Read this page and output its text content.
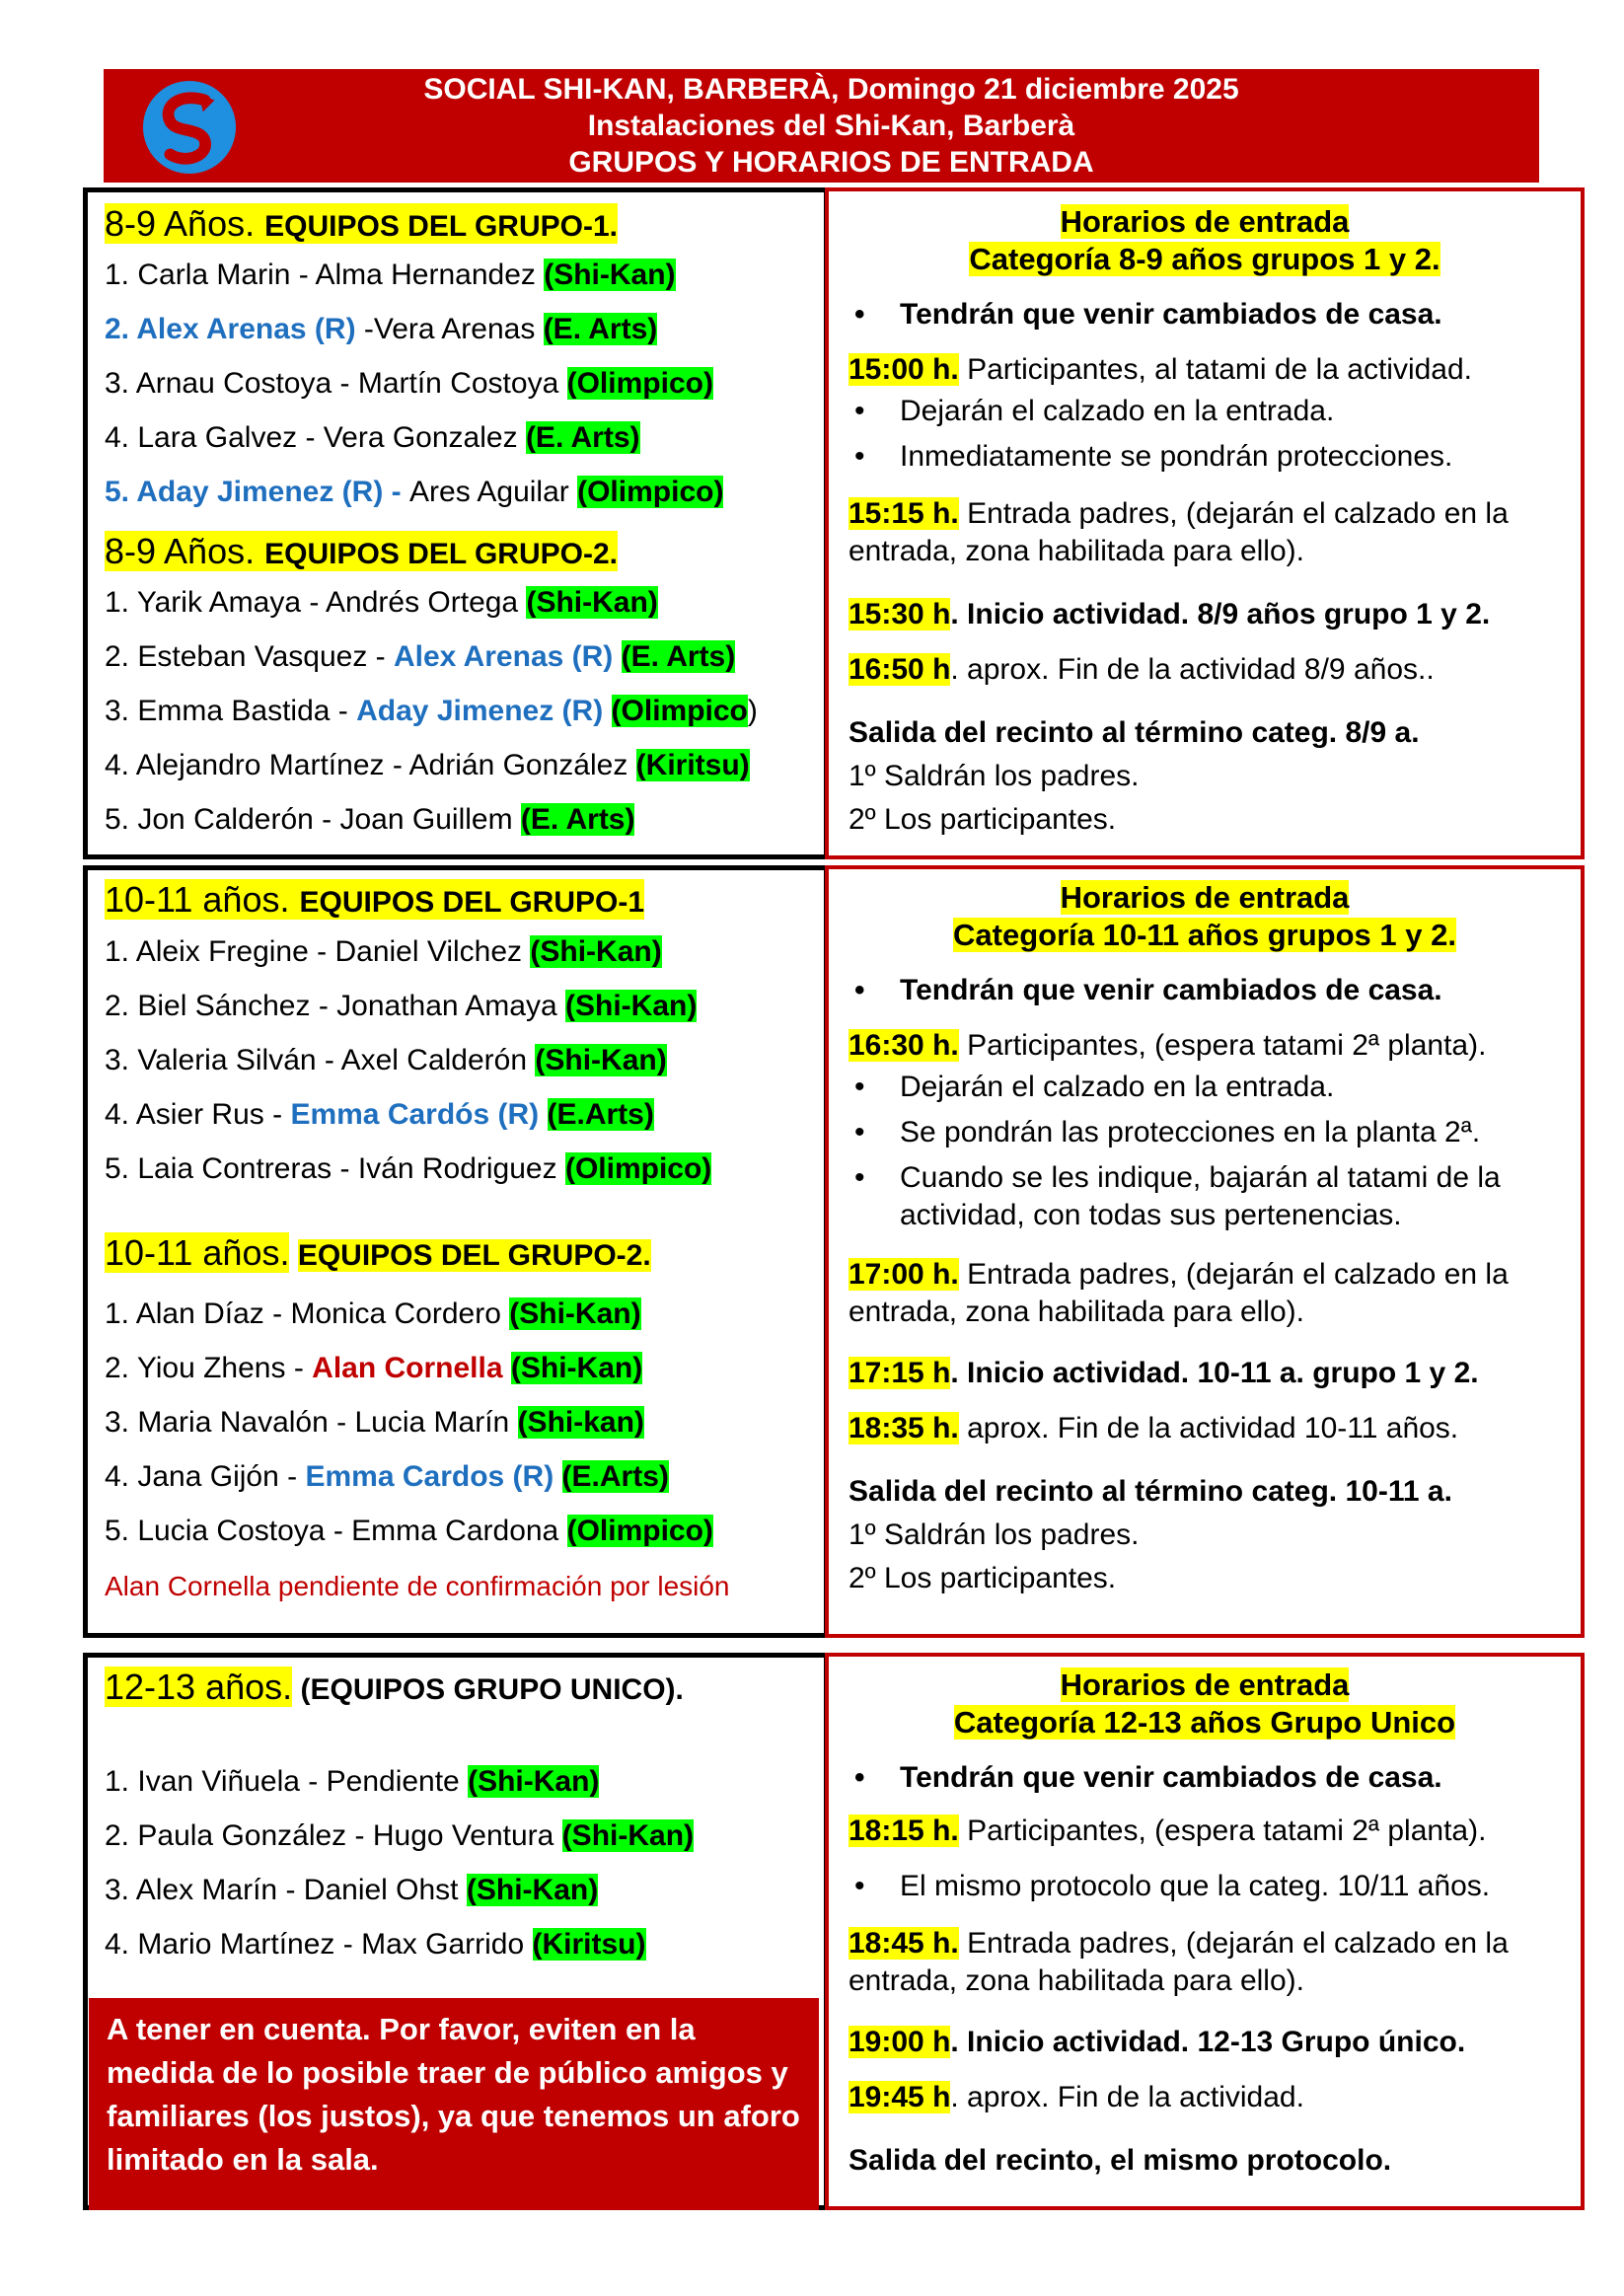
SOCIAL SHI-KAN, BARBERÀ, Domingo 21 diciembre 2025
Instalaciones del Shi-Kan, Barberà
GRUPOS Y HORARIOS DE ENTRADA
8-9 Años. EQUIPOS DEL GRUPO-1.
1. Carla Marin - Alma Hernandez (Shi-Kan)
2. Alex Arenas (R) -Vera Arenas (E. Arts)
3. Arnau Costoya - Martín Costoya (Olimpico)
4. Lara Galvez - Vera Gonzalez (E. Arts)
5. Aday Jimenez (R) - Ares Aguilar (Olimpico)
8-9 Años. EQUIPOS DEL GRUPO-2.
1. Yarik Amaya - Andrés Ortega (Shi-Kan)
2. Esteban Vasquez - Alex Arenas (R) (E. Arts)
3. Emma Bastida - Aday Jimenez (R) (Olimpico)
4. Alejandro Martínez - Adrián González (Kiritsu)
5. Jon Calderón - Joan Guillem (E. Arts)
Horarios de entrada
Categoría 8-9 años grupos 1 y 2.
• Tendrán que venir cambiados de casa.
15:00 h. Participantes, al tatami de la actividad.
• Dejarán el calzado en la entrada.
• Inmediatamente se pondrán protecciones.
15:15 h. Entrada padres, (dejarán el calzado en la entrada, zona habilitada para ello).
15:30 h. Inicio actividad. 8/9 años grupo 1 y 2.
16:50 h. aprox. Fin de la actividad 8/9 años..
Salida del recinto al término categ. 8/9 a.
1º Saldrán los padres.
2º Los participantes.
10-11 años. EQUIPOS DEL GRUPO-1
1. Aleix Fregine - Daniel Vilchez (Shi-Kan)
2. Biel Sánchez - Jonathan Amaya (Shi-Kan)
3. Valeria Silván - Axel Calderón (Shi-Kan)
4. Asier Rus - Emma Cardós (R) (E.Arts)
5. Laia Contreras - Iván Rodriguez (Olimpico)
10-11 años. EQUIPOS DEL GRUPO-2.
1. Alan Díaz - Monica Cordero (Shi-Kan)
2. Yiou Zhens - Alan Cornella (Shi-Kan)
3. Maria Navalón - Lucia Marín (Shi-kan)
4. Jana Gijón - Emma Cardos (R) (E.Arts)
5. Lucia Costoya - Emma Cardona (Olimpico)
Alan Cornella pendiente de confirmación por lesión
Horarios de entrada
Categoría 10-11 años grupos 1 y 2.
• Tendrán que venir cambiados de casa.
16:30 h. Participantes, (espera tatami 2ª planta).
• Dejarán el calzado en la entrada.
• Se pondrán las protecciones en la planta 2ª.
• Cuando se les indique, bajarán al tatami de la actividad, con todas sus pertenencias.
17:00 h. Entrada padres, (dejarán el calzado en la entrada, zona habilitada para ello).
17:15 h. Inicio actividad. 10-11 a. grupo 1 y 2.
18:35 h. aprox. Fin de la actividad 10-11 años.
Salida del recinto al término categ. 10-11 a.
1º Saldrán los padres.
2º Los participantes.
12-13 años. (EQUIPOS GRUPO UNICO).
1. Ivan Viñuela - Pendiente (Shi-Kan)
2. Paula González - Hugo Ventura (Shi-Kan)
3. Alex Marín - Daniel Ohst (Shi-Kan)
4. Mario Martínez - Max Garrido (Kiritsu)
A tener en cuenta. Por favor, eviten en la medida de lo posible traer de público amigos y familiares (los justos), ya que tenemos un aforo limitado en la sala.
Horarios de entrada
Categoría 12-13 años Grupo Unico
• Tendrán que venir cambiados de casa.
18:15 h. Participantes, (espera tatami 2ª planta).
• El mismo protocolo que la categ. 10/11 años.
18:45 h. Entrada padres, (dejarán el calzado en la entrada, zona habilitada para ello).
19:00 h. Inicio actividad. 12-13 Grupo único.
19:45 h. aprox. Fin de la actividad.
Salida del recinto, el mismo protocolo.
